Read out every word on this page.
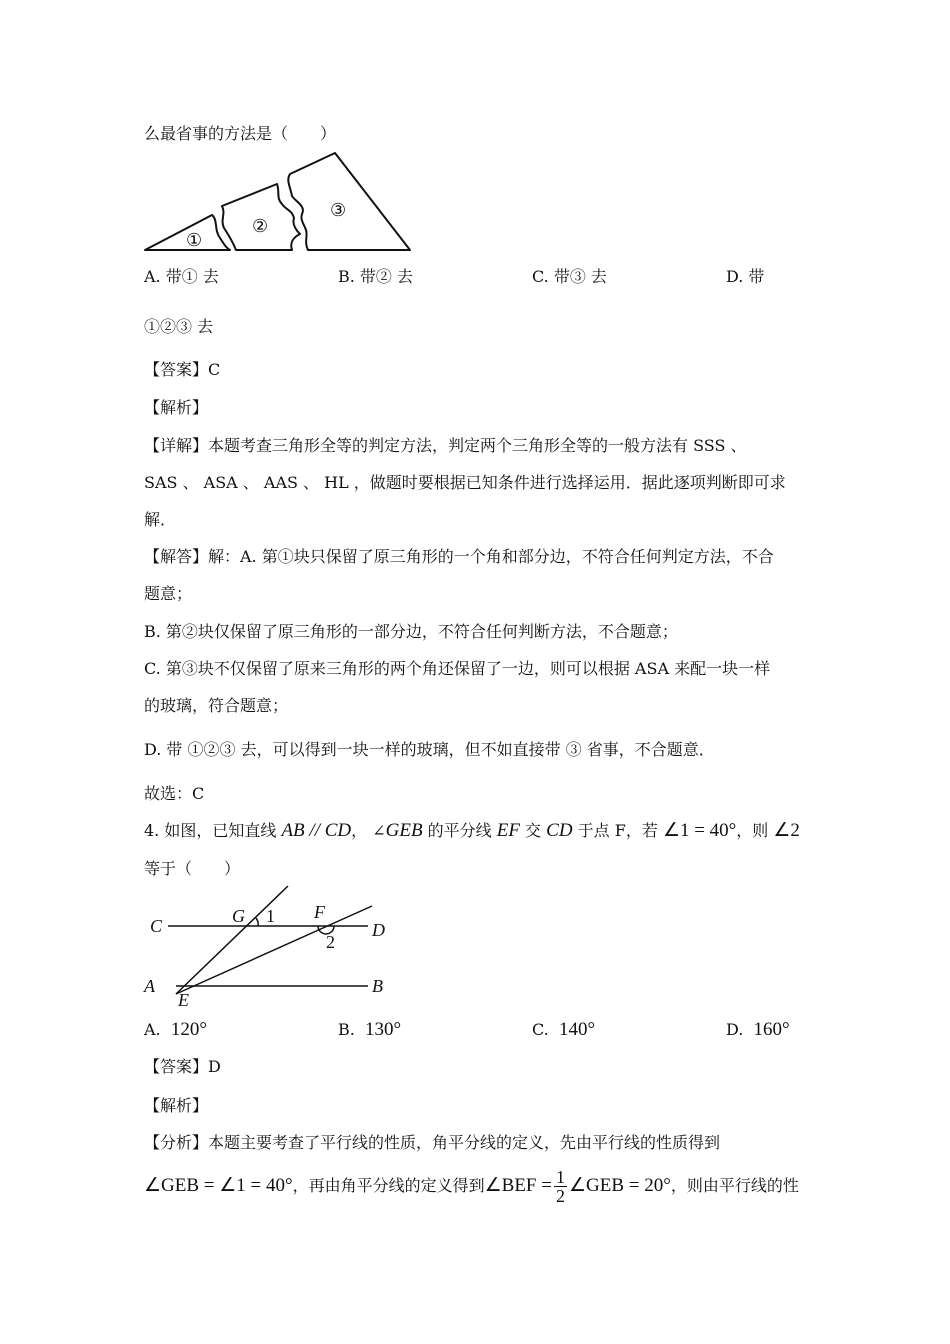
么最省事的方法是（　　）
①
②
③
A. 带① 去	B. 带② 去	C. 带③ 去	D. 带
①②③ 去
【答案】C
【解析】
【详解】本题考查三角形全等的判定方法，判定两个三角形全等的一般方法有 SSS 、
SAS 、 ASA 、 AAS 、 HL ，做题时要根据已知条件进行选择运用．据此逐项判断即可求
解．
【解答】解：A. 第①块只保留了原三角形的一个角和部分边，不符合任何判定方法，不合
题意；
B. 第②块仅保留了原三角形的一部分边，不符合任何判断方法，不合题意；
C. 第③块不仅保留了原来三角形的两个角还保留了一边，则可以根据 ASA 来配一块一样
的玻璃，符合题意；
D. 带 ①②③ 去，可以得到一块一样的玻璃，但不如直接带 ③ 省事，不合题意．
故选：C
4. 如图，已知直线 AB // CD， ∠GEB 的平分线 EF 交 CD 于点 F，若 ∠1 = 40°，则 ∠2
等于（　　）
C	G 1 F
D
2
A
E
B
A. 120°	B. 130°	C. 140°	D. 160°
【答案】D
【解析】
【分析】本题主要考查了平行线的性质，角平分线的定义，先由平行线的性质得到
∠GEB = ∠1 = 40°，再由角平分线的定义得到∠BEF = $\frac{1}{2}$ ∠GEB = 20°，则由平行线的性
